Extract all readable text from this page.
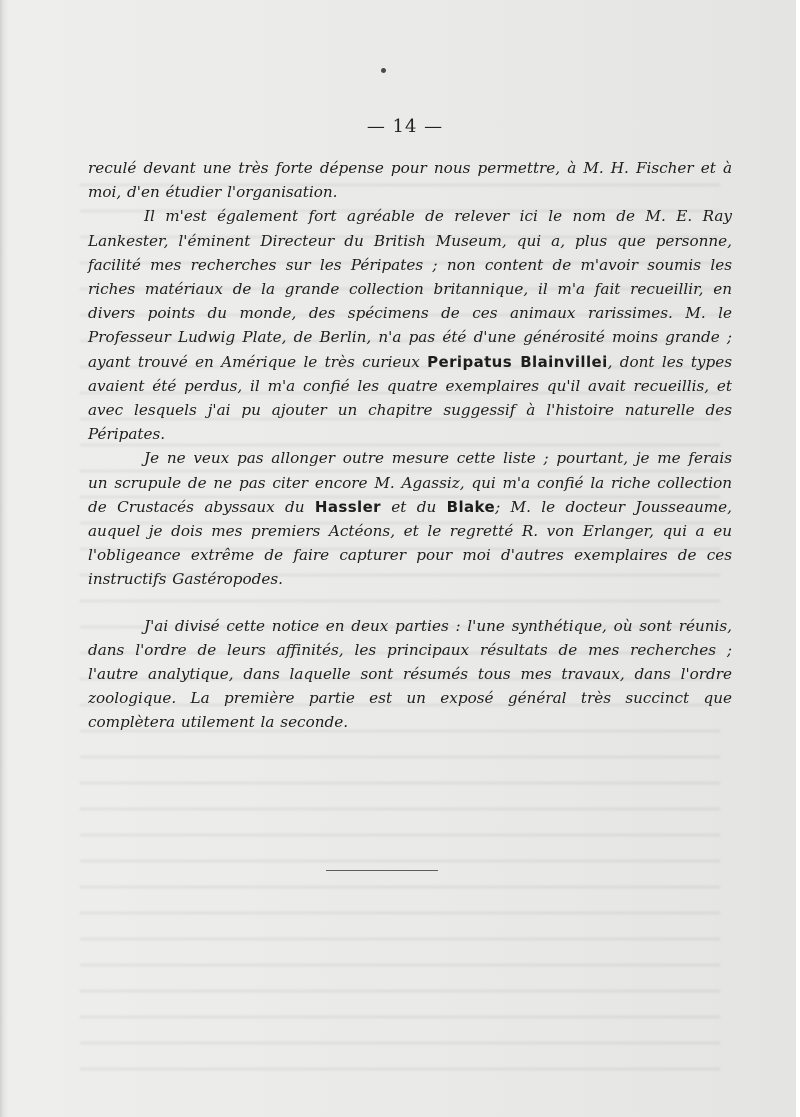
— 14 —

reculé devant une très forte dépense pour nous permettre, à M. H. Fischer et à moi, d'en étudier l'organisation.

Il m'est également fort agréable de relever ici le nom de M. E. Ray Lankester, l'éminent Directeur du British Museum, qui a, plus que personne, facilité mes recherches sur les Péripates ; non content de m'avoir soumis les riches matériaux de la grande collection britannique, il m'a fait recueillir, en divers points du monde, des spécimens de ces animaux rarissimes. M. le Professeur Ludwig Plate, de Berlin, n'a pas été d'une générosité moins grande ; ayant trouvé en Amérique le très curieux Peripatus Blainvillei, dont les types avaient été perdus, il m'a confié les quatre exemplaires qu'il avait recueillis, et avec lesquels j'ai pu ajouter un chapitre suggessif à l'histoire naturelle des Péripates.

Je ne veux pas allonger outre mesure cette liste ; pourtant, je me ferais un scrupule de ne pas citer encore M. Agassiz, qui m'a confié la riche collection de Crustacés abyssaux du Hassler et du Blake; M. le docteur Jousseaume, auquel je dois mes premiers Actéons, et le regretté R. von Erlanger, qui a eu l'obligeance extrême de faire capturer pour moi d'autres exemplaires de ces instructifs Gastéropodes.

J'ai divisé cette notice en deux parties : l'une synthétique, où sont réunis, dans l'ordre de leurs affinités, les principaux résultats de mes recherches ; l'autre analytique, dans laquelle sont résumés tous mes travaux, dans l'ordre zoologique. La première partie est un exposé général très succinct que complètera utilement la seconde.
